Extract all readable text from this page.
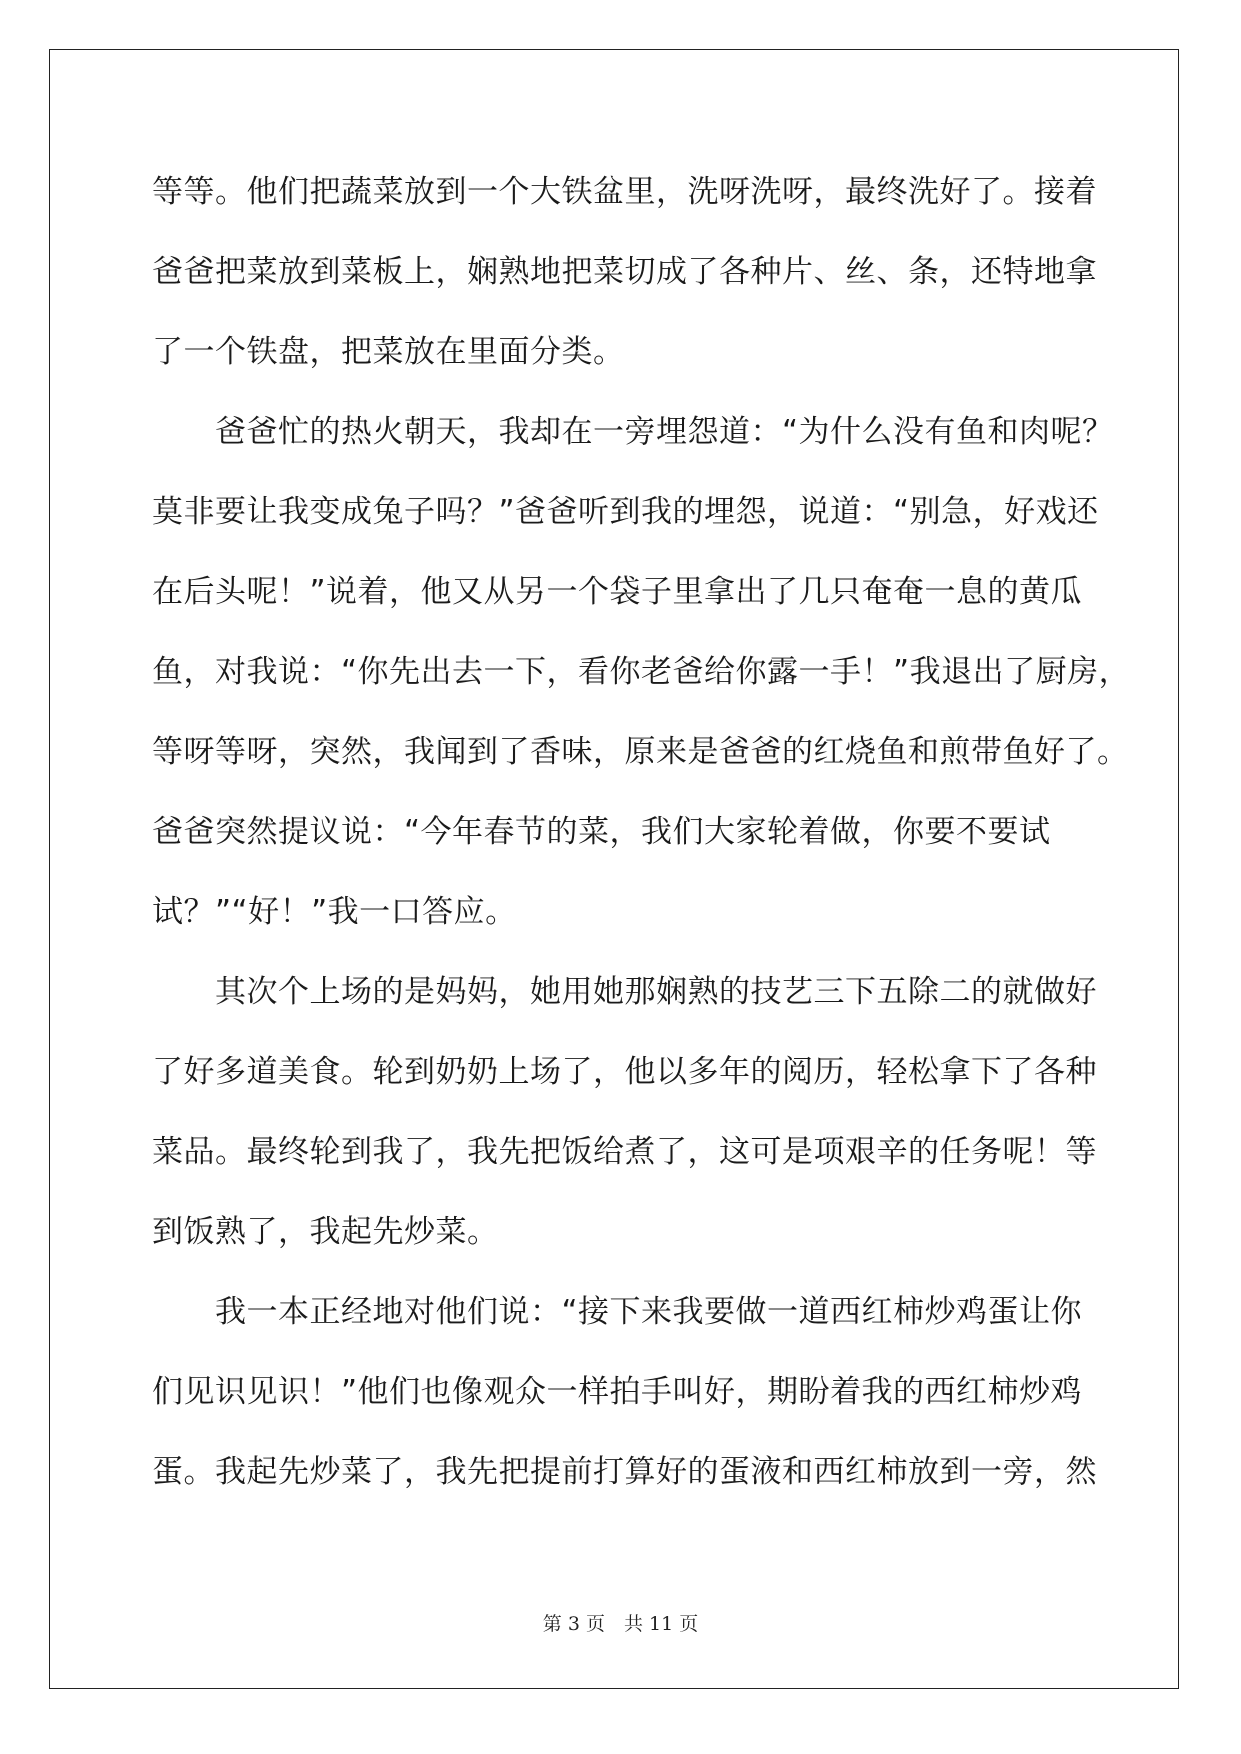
等等。他们把蔬菜放到一个大铁盆里，洗呀洗呀，最终洗好了。接着

爸爸把菜放到菜板上，娴熟地把菜切成了各种片、丝、条，还特地拿

了一个铁盘，把菜放在里面分类。

　　爸爸忙的热火朝天，我却在一旁埋怨道：“为什么没有鱼和肉呢？

莫非要让我变成兔子吗？”爸爸听到我的埋怨，说道：“别急，好戏还

在后头呢！”说着，他又从另一个袋子里拿出了几只奄奄一息的黄瓜

鱼，对我说：“你先出去一下，看你老爸给你露一手！”我退出了厨房，

等呀等呀，突然，我闻到了香味，原来是爸爸的红烧鱼和煎带鱼好了。

爸爸突然提议说：“今年春节的菜，我们大家轮着做，你要不要试

试？”“好！”我一口答应。

　　其次个上场的是妈妈，她用她那娴熟的技艺三下五除二的就做好

了好多道美食。轮到奶奶上场了，他以多年的阅历，轻松拿下了各种

菜品。最终轮到我了，我先把饭给煮了，这可是项艰辛的任务呢！等

到饭熟了，我起先炒菜。

　　我一本正经地对他们说：“接下来我要做一道西红柿炒鸡蛋让你

们见识见识！”他们也像观众一样拍手叫好，期盼着我的西红柿炒鸡

蛋。我起先炒菜了，我先把提前打算好的蛋液和西红柿放到一旁，然

第 3 页　共 11 页
